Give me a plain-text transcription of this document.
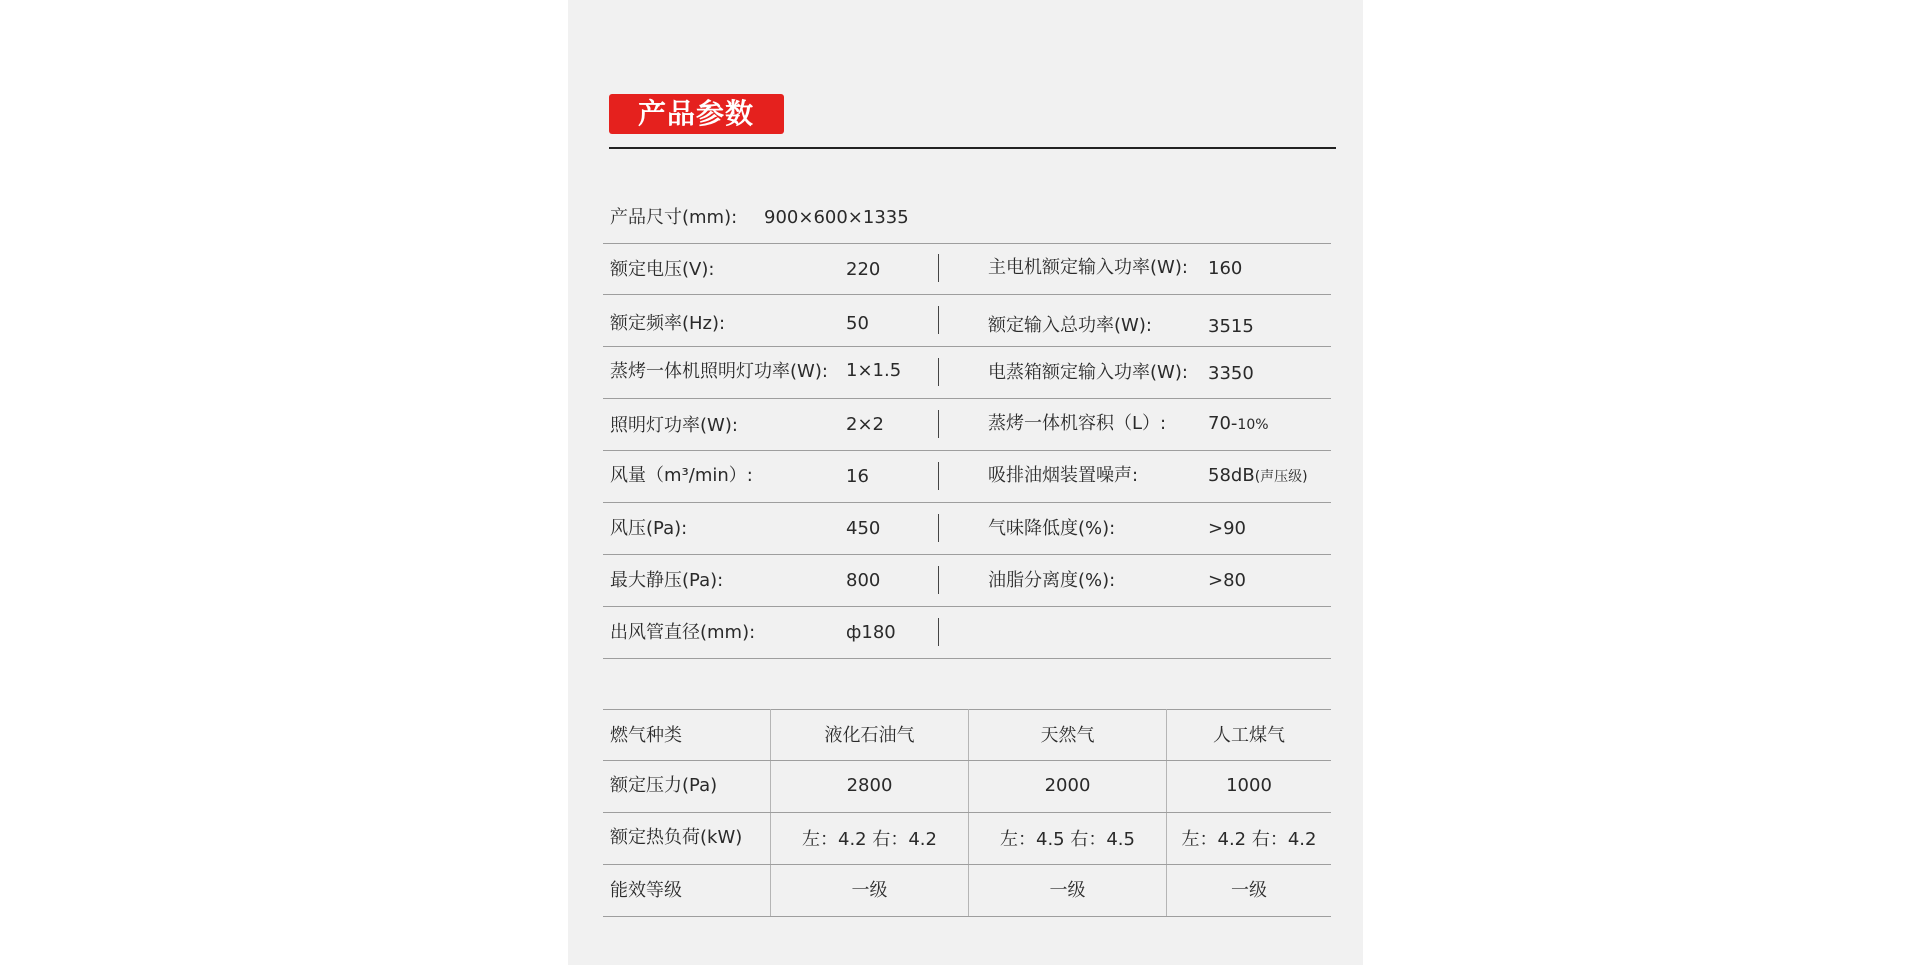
产品参数
产品尺寸(mm): 900×600×1335
额定电压(V):	220	主电机额定输入功率(W): 160
额定频率(Hz):	50	额定输入总功率(W):	3515
蒸烤一体机照明灯功率(W): 1×1.5	电蒸箱额定输入功率(W): 3350
照明灯功率(W):	2×2	蒸烤一体机容积（L）: 70-10%
风量（m³/min）:	16	吸排油烟装置噪声:	58dB(声压级)
风压(Pa):	450	气味降低度(%):	>90
最大静压(Pa):	800	油脂分离度(%):	>80
出风管直径(mm):	ф180
燃气种类	液化石油气	天然气	人工煤气
额定压力(Pa)	2800	2000	1000
额定热负荷(kW)	左：4.2 右：4.2	左：4.5 右：4.5	左：4.2 右：4.2
能效等级	一级	一级	一级
